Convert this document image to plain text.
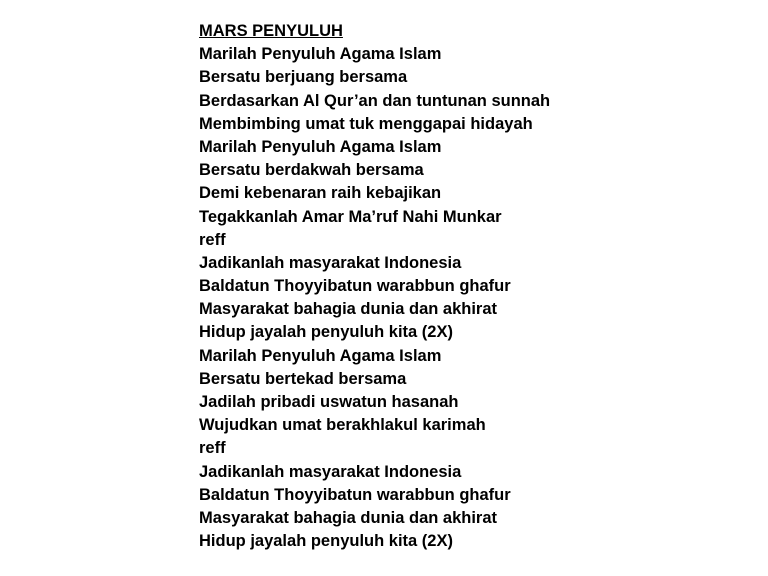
MARS PENYULUH
Marilah Penyuluh Agama Islam
Bersatu berjuang bersama
Berdasarkan Al Qur’an dan tuntunan sunnah
Membimbing umat tuk menggapai hidayah
Marilah Penyuluh Agama Islam
Bersatu berdakwah bersama
Demi kebenaran raih kebajikan
Tegakkanlah Amar Ma’ruf Nahi Munkar
reff
Jadikanlah masyarakat Indonesia
Baldatun Thoyyibatun warabbun ghafur
Masyarakat bahagia dunia dan akhirat
Hidup jayalah penyuluh kita (2X)
Marilah Penyuluh Agama Islam
Bersatu bertekad bersama
Jadilah pribadi uswatun hasanah
Wujudkan umat berakhlakul karimah
reff
Jadikanlah masyarakat Indonesia
Baldatun Thoyyibatun warabbun ghafur
Masyarakat bahagia dunia dan akhirat
Hidup jayalah penyuluh kita (2X)
